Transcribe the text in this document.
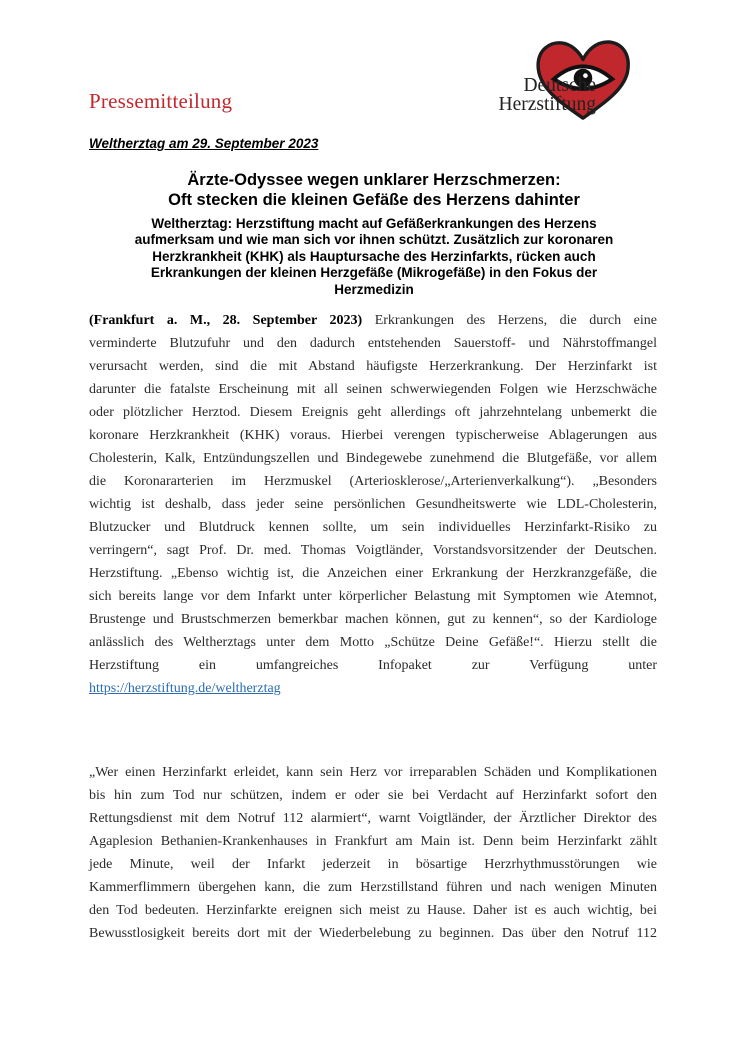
Pressemitteilung
Deutsche
Herzstiftung
Weltherztag am 29. September 2023
Ärzte-Odyssee wegen unklarer Herzschmerzen:
Oft stecken die kleinen Gefäße des Herzens dahinter
Weltherztag: Herzstiftung macht auf Gefäßerkrankungen des Herzens
aufmerksam und wie man sich vor ihnen schützt. Zusätzlich zur koronaren
Herzkrankheit (KHK) als Hauptursache des Herzinfarkts, rücken auch
Erkrankungen der kleinen Herzgefäße (Mikrogefäße) in den Fokus der
Herzmedizin
(Frankfurt a. M., 28. September 2023) Erkrankungen des Herzens, die durch eine
verminderte Blutzufuhr und den dadurch entstehenden Sauerstoff- und Nährstoffmangel
verursacht werden, sind die mit Abstand häufigste Herzerkrankung. Der Herzinfarkt ist
darunter die fatalste Erscheinung mit all seinen schwerwiegenden Folgen wie Herzschwäche
oder plötzlicher Herztod. Diesem Ereignis geht allerdings oft jahrzehntelang unbemerkt die
koronare Herzkrankheit (KHK) voraus. Hierbei verengen typischerweise Ablagerungen aus
Cholesterin, Kalk, Entzündungszellen und Bindegewebe zunehmend die Blutgefäße, vor allem
die Koronararterien im Herzmuskel (Arteriosklerose/„Arterienverkalkung“). „Besonders
wichtig ist deshalb, dass jeder seine persönlichen Gesundheitswerte wie LDL-Cholesterin,
Blutzucker und Blutdruck kennen sollte, um sein individuelles Herzinfarkt-Risiko zu
verringern“, sagt Prof. Dr. med. Thomas Voigtländer, Vorstandsvorsitzender der Deutschen.
Herzstiftung. „Ebenso wichtig ist, die Anzeichen einer Erkrankung der Herzkranzgefäße, die
sich bereits lange vor dem Infarkt unter körperlicher Belastung mit Symptomen wie Atemnot,
Brustenge und Brustschmerzen bemerkbar machen können, gut zu kennen“, so der Kardiologe
anlässlich des Weltherztags unter dem Motto „Schütze Deine Gefäße!“. Hierzu stellt die
Herzstiftung ein umfangreiches Infopaket zur Verfügung unter
https://herzstiftung.de/weltherztag
„Wer einen Herzinfarkt erleidet, kann sein Herz vor irreparablen Schäden und Komplikationen
bis hin zum Tod nur schützen, indem er oder sie bei Verdacht auf Herzinfarkt sofort den
Rettungsdienst mit dem Notruf 112 alarmiert“, warnt Voigtländer, der Ärztlicher Direktor des
Agaplesion Bethanien-Krankenhauses in Frankfurt am Main ist. Denn beim Herzinfarkt zählt
jede Minute, weil der Infarkt jederzeit in bösartige Herzrhythmusstörungen wie
Kammerflimmern übergehen kann, die zum Herzstillstand führen und nach wenigen Minuten
den Tod bedeuten. Herzinfarkte ereignen sich meist zu Hause. Daher ist es auch wichtig, bei
Bewusstlosigkeit bereits dort mit der Wiederbelebung zu beginnen. Das über den Notruf 112
